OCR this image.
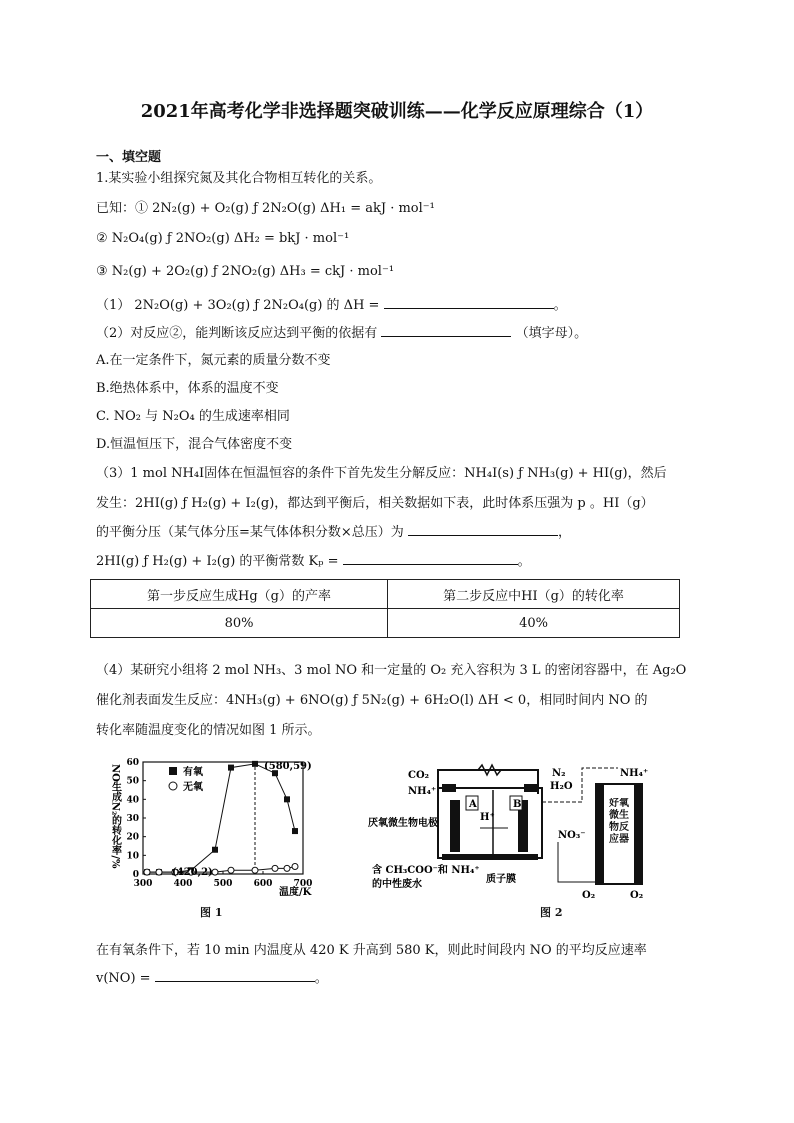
2021年高考化学非选择题突破训练——化学反应原理综合（1）
一、填空题
1.某实验小组探究氮及其化合物相互转化的关系。
已知：① 2N₂(g) + O₂(g) ƒ 2N₂O(g) ΔH₁ = akJ · mol⁻¹
② N₂O₄(g) ƒ 2NO₂(g) ΔH₂ = bkJ · mol⁻¹
③ N₂(g) + 2O₂(g) ƒ 2NO₂(g) ΔH₃ = ckJ · mol⁻¹
（1） 2N₂O(g) + 3O₂(g) ƒ 2N₂O₄(g) 的 ΔH =	。
（2）对反应②，能判断该反应达到平衡的依据有	（填字母）。
A.在一定条件下，氮元素的质量分数不变
B.绝热体系中，体系的温度不变
C. NO₂ 与 N₂O₄ 的生成速率相同
D.恒温恒压下，混合气体密度不变
（3）1 mol NH₄I固体在恒温恒容的条件下首先发生分解反应：NH₄I(s) ƒ NH₃(g) + HI(g)，然后
发生：2HI(g) ƒ H₂(g) + I₂(g)，都达到平衡后，相关数据如下表，此时体系压强为 p 。HI（g）
的平衡分压（某气体分压=某气体体积分数×总压）为	，
2HI(g) ƒ H₂(g) + I₂(g) 的平衡常数 Kₚ =	。
第一步反应生成Hg（g）的产率	第二步反应中HI（g）的转化率
80%	40%
（4）某研究小组将 2 mol NH₃、3 mol NO 和一定量的 O₂ 充入容积为 3 L 的密闭容器中，在 Ag₂O
催化剂表面发生反应：4NH₃(g) + 6NO(g) ƒ 5N₂(g) + 6H₂O(l) ΔH < 0，相同时间内 NO 的
转化率随温度变化的情况如图 1 所示。
NO生成N₂的转化率/%
温度/K
0
10
20
30
40
50
60
300 400 500 600 700
有氧
无氧
(420,2)
(580,59)
图 1
A	B
H⁺
CO₂
NH₄⁺
N₂
H₂O
NH₄⁺
厌氧微生物电极
NO₃⁻
含 CH₃COO⁻和 NH₄⁺
的中性废水	质子膜
好氧微生物反应器
O₂	O₂
图 2
在有氧条件下，若 10 min 内温度从 420 K 升高到 580 K，则此时间段内 NO 的平均反应速率
v(NO) =	。
